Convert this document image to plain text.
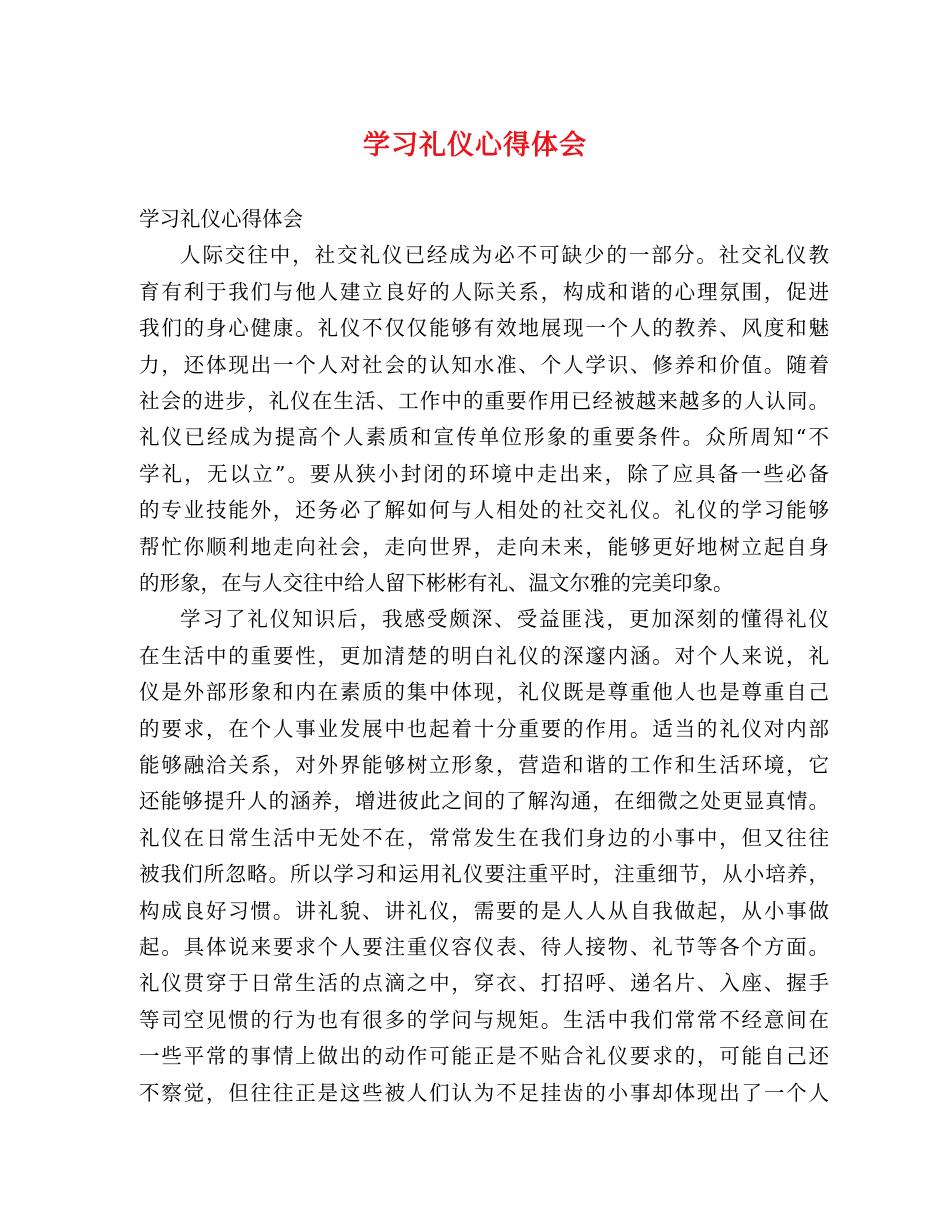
学习礼仪心得体会
学习礼仪心得体会
人际交往中，社交礼仪已经成为必不可缺少的一部分。社交礼仪教
育有利于我们与他人建立良好的人际关系，构成和谐的心理氛围，促进
我们的身心健康。礼仪不仅仅能够有效地展现一个人的教养、风度和魅
力，还体现出一个人对社会的认知水准、个人学识、修养和价值。随着
社会的进步，礼仪在生活、工作中的重要作用已经被越来越多的人认同。
礼仪已经成为提高个人素质和宣传单位形象的重要条件。众所周知“不
学礼，无以立”。要从狭小封闭的环境中走出来，除了应具备一些必备
的专业技能外，还务必了解如何与人相处的社交礼仪。礼仪的学习能够
帮忙你顺利地走向社会，走向世界，走向未来，能够更好地树立起自身
的形象，在与人交往中给人留下彬彬有礼、温文尔雅的完美印象。
学习了礼仪知识后，我感受颇深、受益匪浅，更加深刻的懂得礼仪
在生活中的重要性，更加清楚的明白礼仪的深邃内涵。对个人来说，礼
仪是外部形象和内在素质的集中体现，礼仪既是尊重他人也是尊重自己
的要求，在个人事业发展中也起着十分重要的作用。适当的礼仪对内部
能够融洽关系，对外界能够树立形象，营造和谐的工作和生活环境，它
还能够提升人的涵养，增进彼此之间的了解沟通，在细微之处更显真情。
礼仪在日常生活中无处不在，常常发生在我们身边的小事中，但又往往
被我们所忽略。所以学习和运用礼仪要注重平时，注重细节，从小培养，
构成良好习惯。讲礼貌、讲礼仪，需要的是人人从自我做起，从小事做
起。具体说来要求个人要注重仪容仪表、待人接物、礼节等各个方面。
礼仪贯穿于日常生活的点滴之中，穿衣、打招呼、递名片、入座、握手
等司空见惯的行为也有很多的学问与规矩。生活中我们常常不经意间在
一些平常的事情上做出的动作可能正是不贴合礼仪要求的，可能自己还
不察觉，但往往正是这些被人们认为不足挂齿的小事却体现出了一个人
